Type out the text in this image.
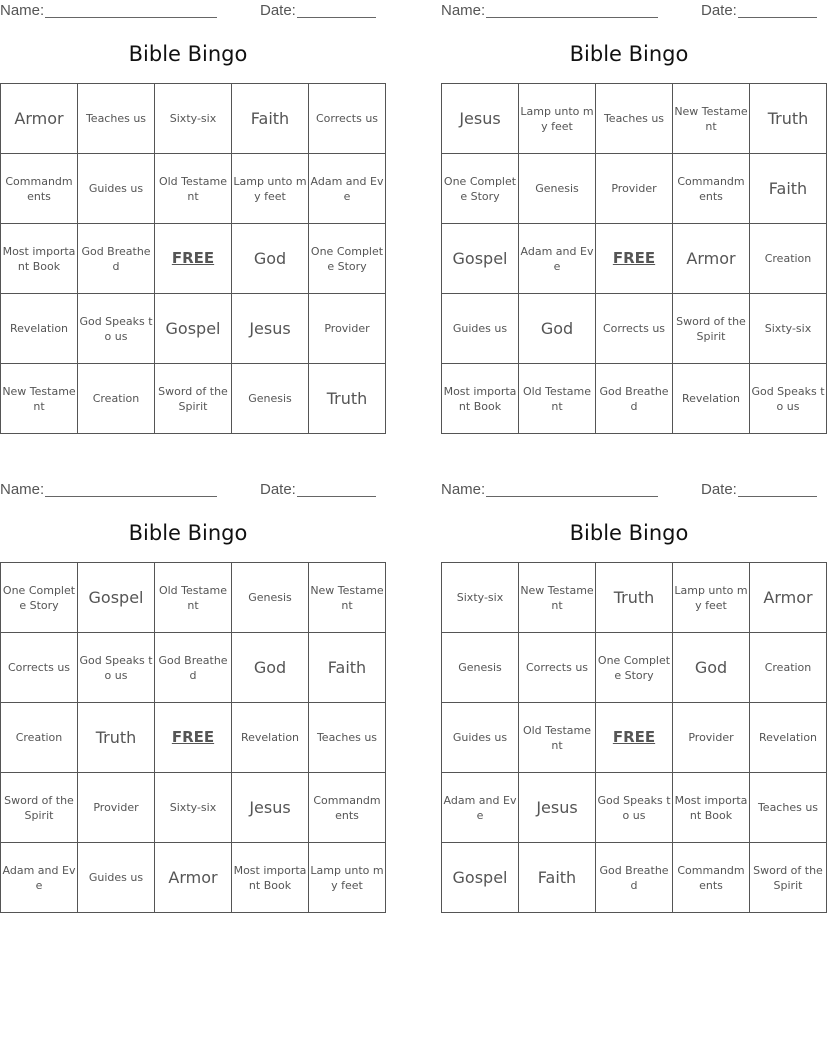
Name:	Date:
Bible Bingo
Armor	Teaches us	Sixty-six	Faith	Corrects us
Commandments	Guides us	Old Testament	Lamp unto my feet	Adam and Eve
Most important Book	God Breathed	FREE	God	One Complete Story
Revelation	God Speaks to us	Gospel	Jesus	Provider
New Testament	Creation	Sword of the Spirit	Genesis	Truth
Name:	Date:
Bible Bingo
Jesus	Lamp unto my feet	Teaches us	New Testament	Truth
One Complete Story	Genesis	Provider	Commandments	Faith
Gospel	Adam and Eve	FREE	Armor	Creation
Guides us	God	Corrects us	Sword of the Spirit	Sixty-six
Most important Book	Old Testament	God Breathed	Revelation	God Speaks to us
Name:	Date:
Bible Bingo
One Complete Story	Gospel	Old Testament	Genesis	New Testament
Corrects us	God Speaks to us	God Breathed	God	Faith
Creation	Truth	FREE	Revelation	Teaches us
Sword of the Spirit	Provider	Sixty-six	Jesus	Commandments
Adam and Eve	Guides us	Armor	Most important Book	Lamp unto my feet
Name:	Date:
Bible Bingo
Sixty-six	New Testament	Truth	Lamp unto my feet	Armor
Genesis	Corrects us	One Complete Story	God	Creation
Guides us	Old Testament	FREE	Provider	Revelation
Adam and Eve	Jesus	God Speaks to us	Most important Book	Teaches us
Gospel	Faith	God Breathed	Commandments	Sword of the Spirit
